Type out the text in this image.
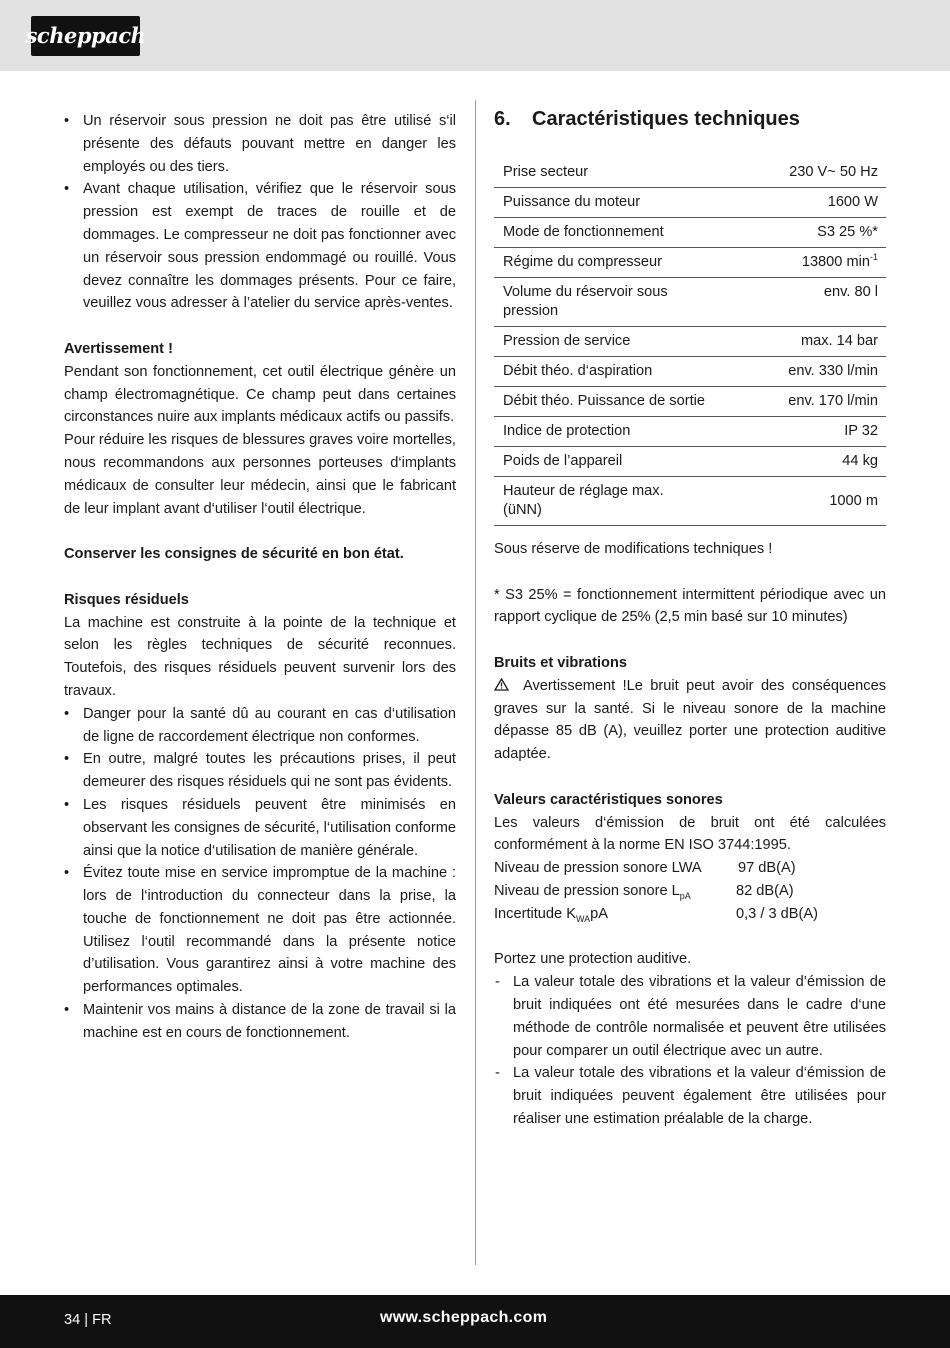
scheppach
• Un réservoir sous pression ne doit pas être utilisé s‘il présente des défauts pouvant mettre en danger les employés ou des tiers.
• Avant chaque utilisation, vérifiez que le réservoir sous pression est exempt de traces de rouille et de dommages. Le compresseur ne doit pas fonctionner avec un réservoir sous pression endommagé ou rouillé. Vous devez connaître les dommages présents. Pour ce faire, veuillez vous adresser à l’atelier du service après-ventes.

Avertissement !

Pendant son fonctionnement, cet outil électrique génère un champ électromagnétique. Ce champ peut dans certaines circonstances nuire aux implants médicaux actifs ou passifs.

Pour réduire les risques de blessures graves voire mortelles, nous recommandons aux personnes porteuses d‘implants médicaux de consulter leur médecin, ainsi que le fabricant de leur implant avant d‘utiliser l‘outil électrique.

Conserver les consignes de sécurité en bon état.

Risques résiduels

La machine est construite à la pointe de la technique et selon les règles techniques de sécurité reconnues. Toutefois, des risques résiduels peuvent survenir lors des travaux.

• Danger pour la santé dû au courant en cas d‘utilisation de ligne de raccordement électrique non conformes.
• En outre, malgré toutes les précautions prises, il peut demeurer des risques résiduels qui ne sont pas évidents.
• Les risques résiduels peuvent être minimisés en observant les consignes de sécurité, l‘utilisation conforme ainsi que la notice d‘utilisation de manière générale.
• Évitez toute mise en service impromptue de la machine : lors de l‘introduction du connecteur dans la prise, la touche de fonctionnement ne doit pas être actionnée. Utilisez l‘outil recommandé dans la présente notice d’utilisation. Vous garantirez ainsi à votre machine des performances optimales.
• Maintenir vos mains à distance de la zone de travail si la machine est en cours de fonctionnement.
6.	Caractéristiques techniques
Prise secteur	230 V~ 50 Hz
Puissance du moteur	1600 W
Mode de fonctionnement	S3 25 %*
Régime du compresseur	13800 $\min^{-1}$
Volume du réservoir sous pression	env. 80 l
Pression de service	max. 14 bar
Débit théo. d‘aspiration	env. 330 l/min
Débit théo. Puissance de sortie	env. 170 l/min
Indice de protection	IP 32
Poids de l’appareil	44 kg
Hauteur de réglage max. (üNN)	1000 m

Sous réserve de modifications techniques !

* S3 25% = fonctionnement intermittent périodique avec un rapport cyclique de 25% (2,5 min basé sur 10 minutes)

Bruits et vibrations

Avertissement !Le bruit peut avoir des conséquences graves sur la santé. Si le niveau sonore de la machine dépasse 85 dB (A), veuillez porter une protection auditive adaptée.

Valeurs caractéristiques sonores

Les valeurs d‘émission de bruit ont été calculées conformément à la norme EN ISO 3744:1995.

Niveau de pression sonore LWA	97 dB(A)
Niveau de pression sonore $L_{pA}$	82 dB(A)
Incertitude $K_{WA}pA$	0,3 / 3 dB(A)

Portez une protection auditive.

- La valeur totale des vibrations et la valeur d’émission de bruit indiquées ont été mesurées dans le cadre d‘une méthode de contrôle normalisée et peuvent être utilisées pour comparer un outil électrique avec un autre.
- La valeur totale des vibrations et la valeur d‘émission de bruit indiquées peuvent également être utilisées pour réaliser une estimation préalable de la charge.
34 | FR	www.scheppach.com
